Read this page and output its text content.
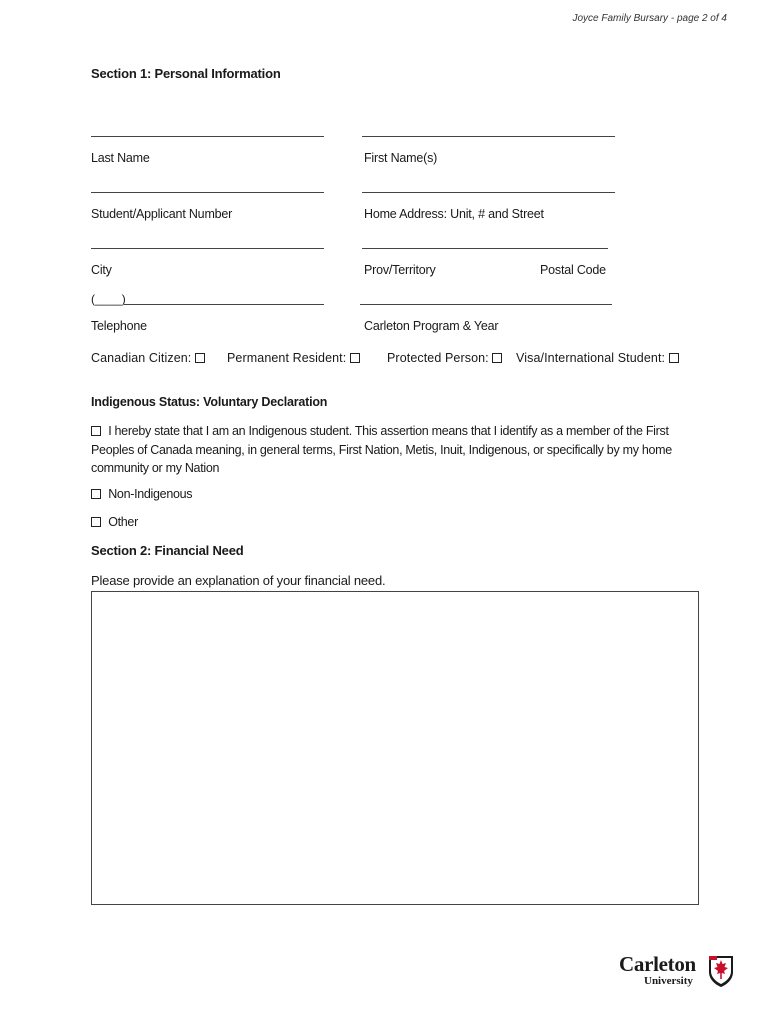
Joyce Family Bursary - page 2 of 4
Section 1: Personal Information
Last Name	First Name(s)
Student/Applicant Number	Home Address: Unit, # and Street
City	Prov/Territory	Postal Code
(____)
Telephone	Carleton Program & Year
Canadian Citizen:	Permanent Resident:	Protected Person:	Visa/International Student:
Indigenous Status: Voluntary Declaration
I hereby state that I am an Indigenous student. This assertion means that I identify as a member of the First
Peoples of Canada meaning, in general terms, First Nation, Metis, Inuit, Indigenous, or specifically by my home
community or my Nation
Non-Indigenous
Other
Section 2: Financial Need
Please provide an explanation of your financial need.
Carleton
University
